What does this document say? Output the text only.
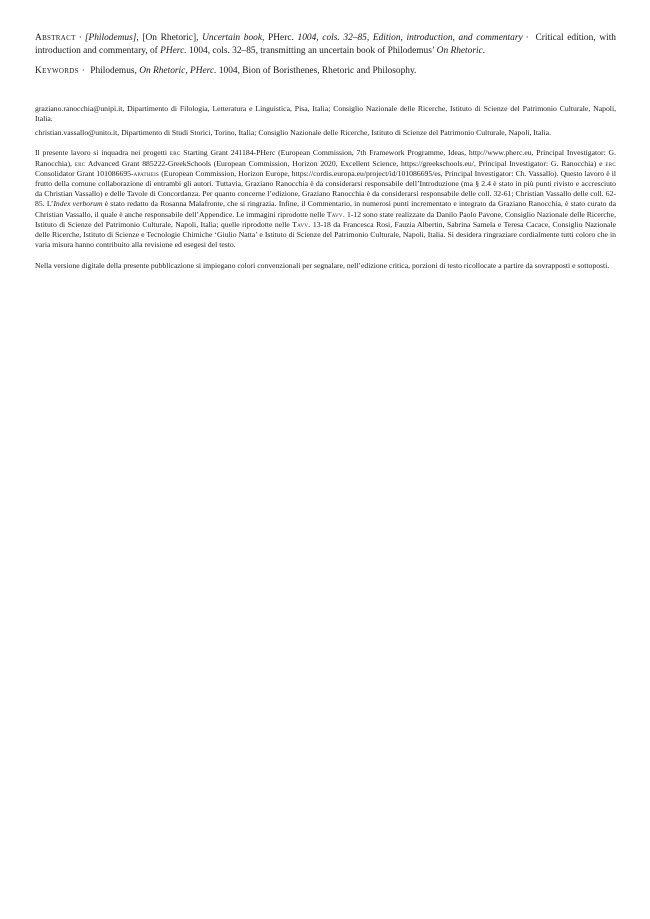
Abstract · [Philodemus], [On Rhetoric], Uncertain book, PHerc. 1004, cols. 32–85, Edition, introduction, and commentary · Critical edition, with introduction and commentary, of PHerc. 1004, cols. 32–85, transmitting an uncertain book of Philodemus’ On Rhetoric.

Keywords · Philodemus, On Rhetoric, PHerc. 1004, Bion of Boristhenes, Rhetoric and Philosophy.

graziano.ranocchia@unipi.it, Dipartimento di Filologia, Letteratura e Linguistica, Pisa, Italia; Consiglio Nazionale delle Ricerche, Istituto di Scienze del Patrimonio Culturale, Napoli, Italia.

christian.vassallo@unito.it, Dipartimento di Studi Storici, Torino, Italia; Consiglio Nazionale delle Ricerche, Istituto di Scienze del Patrimonio Culturale, Napoli, Italia.

Il presente lavoro si inquadra nei progetti erc Starting Grant 241184-PHerc (European Commission, 7th Framework Programme, Ideas, http://www.pherc.eu, Principal Investigator: G. Ranocchia), erc Advanced Grant 885222-GreekSchools (European Commission, Horizon 2020, Excellent Science, https://greekschools.eu/, Principal Investigator: G. Ranocchia) e erc Consolidator Grant 101086695-apatheis (European Commission, Horizon Europe, https://cordis.europa.eu/project/id/101086695/es, Principal Investigator: Ch. Vassallo). Questo lavoro è il frutto della comune collaborazione di entrambi gli autori. Tuttavia, Graziano Ranocchia è da considerarsi responsabile dell’Introduzione (ma § 2.4 è stato in più punti rivisto e accresciuto da Christian Vassallo) e delle Tavole di Concordanza. Per quanto concerne l’edizione, Graziano Ranocchia è da considerarsi responsabile delle coll. 32-61; Christian Vassallo delle coll. 62-85. L’Index verborum è stato redatto da Rosanna Malafronte, che si ringrazia. Infine, il Commentario, in numerosi punti incrementato e integrato da Graziano Ranocchia, è stato curato da Christian Vassallo, il quale è anche responsabile dell’Appendice. Le immagini riprodotte nelle Tavv. 1-12 sono state realizzate da Danilo Paolo Pavone, Consiglio Nazionale delle Ricerche, Istituto di Scienze del Patrimonio Culturale, Napoli, Italia; quelle riprodotte nelle Tavv. 13-18 da Francesca Rosi, Fauzia Albertin, Sabrina Samela e Teresa Cacace, Consiglio Nazionale delle Ricerche, Istituto di Scienze e Tecnologie Chimiche ‘Giulio Natta’ e Istituto di Scienze del Patrimonio Culturale, Napoli, Italia. Si desidera ringraziare cordialmente tutti coloro che in varia misura hanno contribuito alla revisione ed esegesi del testo.

Nella versione digitale della presente pubblicazione si impiegano colori convenzionali per segnalare, nell’edizione critica, porzioni di testo ricollocate a partire da sovrapposti e sottoposti.
